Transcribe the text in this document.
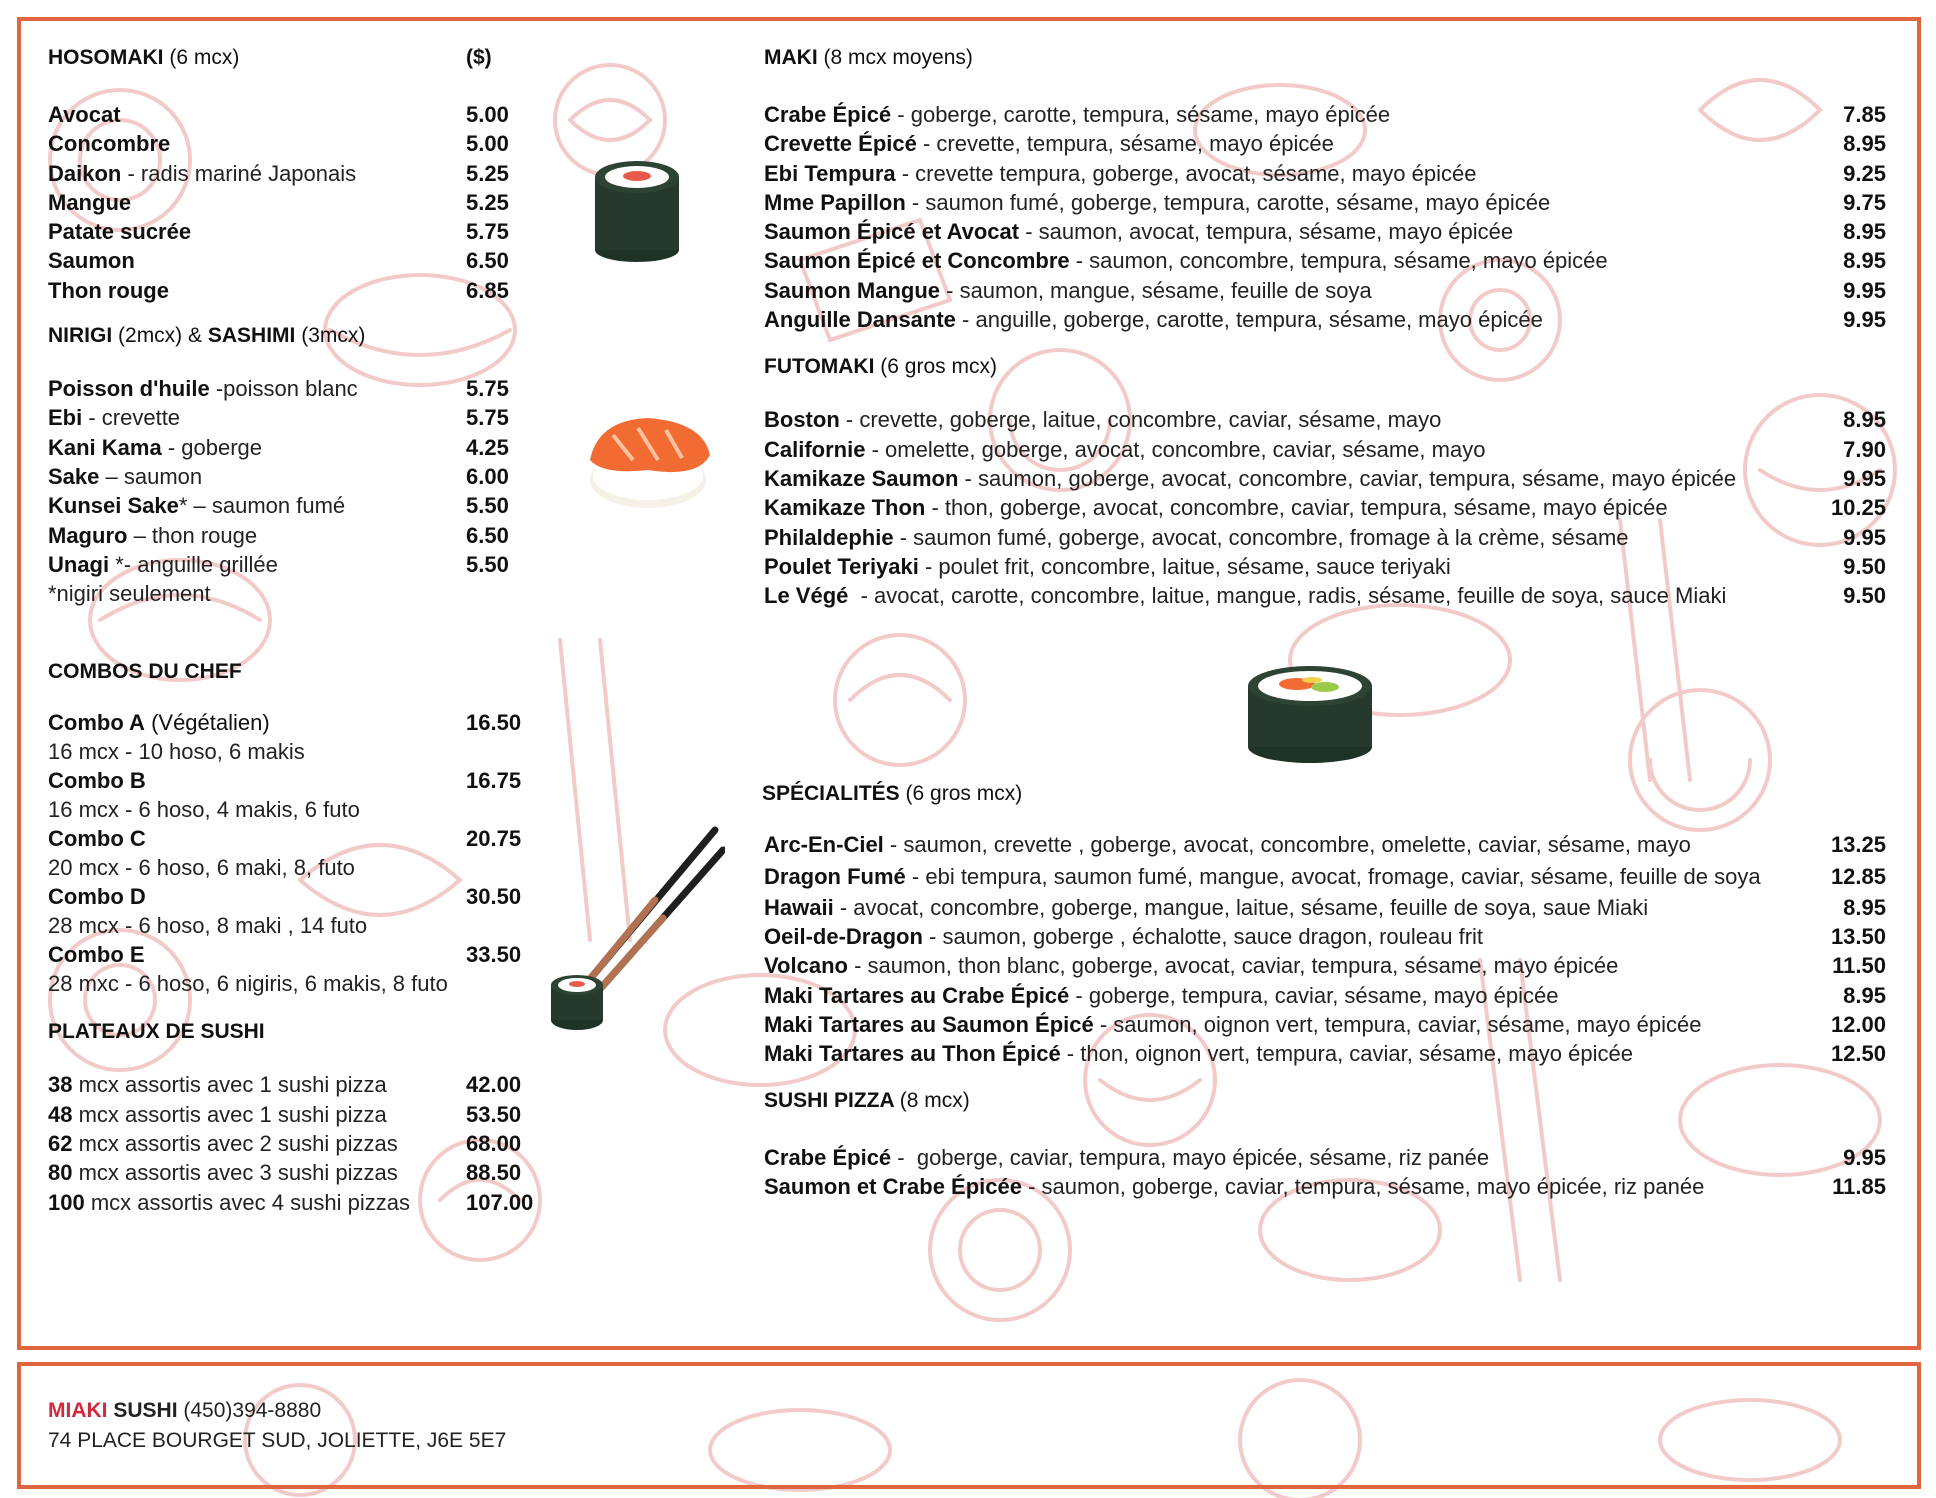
HOSOMAKI (6 mcx)	($)
Avocat	5.00
Concombre	5.00
Daikon - radis mariné Japonais	5.25
Mangue	5.25
Patate sucrée	5.75
Saumon	6.50
Thon rouge	6.85
NIRIGI (2mcx) & SASHIMI (3mcx)
Poisson d'huile -poisson blanc	5.75
Ebi - crevette	5.75
Kani Kama - goberge	4.25
Sake – saumon	6.00
Kunsei Sake* – saumon fumé	5.50
Maguro – thon rouge	6.50
Unagi *- anguille grillée	5.50
*nigiri seulement
COMBOS DU CHEF
Combo A (Végétalien)	16.50
16 mcx - 10 hoso, 6 makis
Combo B	16.75
16 mcx - 6 hoso, 4 makis, 6 futo
Combo C	20.75
20 mcx - 6 hoso, 6 maki, 8, futo
Combo D	30.50
28 mcx - 6 hoso, 8 maki , 14 futo
Combo E	33.50
28 mxc - 6 hoso, 6 nigiris, 6 makis, 8 futo
PLATEAUX DE SUSHI
38 mcx assortis avec 1 sushi pizza	42.00
48 mcx assortis avec 1 sushi pizza	53.50
62 mcx assortis avec 2 sushi pizzas	68.00
80 mcx assortis avec 3 sushi pizzas	88.50
100 mcx assortis avec 4 sushi pizzas	107.00
MAKI (8 mcx moyens)
Crabe Épicé - goberge, carotte, tempura, sésame, mayo épicée	7.85
Crevette Épicé - crevette, tempura, sésame, mayo épicée	8.95
Ebi Tempura - crevette tempura, goberge, avocat, sésame, mayo épicée	9.25
Mme Papillon - saumon fumé, goberge, tempura, carotte, sésame, mayo épicée	9.75
Saumon Épicé et Avocat - saumon, avocat, tempura, sésame, mayo épicée	8.95
Saumon Épicé et Concombre - saumon, concombre, tempura, sésame, mayo épicée	8.95
Saumon Mangue - saumon, mangue, sésame, feuille de soya	9.95
Anguille Dansante - anguille, goberge, carotte, tempura, sésame, mayo épicée	9.95
FUTOMAKI (6 gros mcx)
Boston - crevette, goberge, laitue, concombre, caviar, sésame, mayo	8.95
Californie - omelette, goberge, avocat, concombre, caviar, sésame, mayo	7.90
Kamikaze Saumon - saumon, goberge, avocat, concombre, caviar, tempura, sésame, mayo épicée	9.95
Kamikaze Thon - thon, goberge, avocat, concombre, caviar, tempura, sésame, mayo épicée	10.25
Philaldephie - saumon fumé, goberge, avocat, concombre, fromage à la crème, sésame	9.95
Poulet Teriyaki - poulet frit, concombre, laitue, sésame, sauce teriyaki	9.50
Le Végé  - avocat, carotte, concombre, laitue, mangue, radis, sésame, feuille de soya, sauce Miaki	9.50
SPÉCIALITÉS (6 gros mcx)
Arc-En-Ciel - saumon, crevette , goberge, avocat, concombre, omelette, caviar, sésame, mayo	13.25
Dragon Fumé - ebi tempura, saumon fumé, mangue, avocat, fromage, caviar, sésame, feuille de soya	12.85
Hawaii - avocat, concombre, goberge, mangue, laitue, sésame, feuille de soya, saue Miaki	8.95
Oeil-de-Dragon - saumon, goberge , échalotte, sauce dragon, rouleau frit	13.50
Volcano - saumon, thon blanc, goberge, avocat, caviar, tempura, sésame, mayo épicée	11.50
Maki Tartares au Crabe Épicé - goberge, tempura, caviar, sésame, mayo épicée	8.95
Maki Tartares au Saumon Épicé - saumon, oignon vert, tempura, caviar, sésame, mayo épicée	12.00
Maki Tartares au Thon Épicé - thon, oignon vert, tempura, caviar, sésame, mayo épicée	12.50
SUSHI PIZZA (8 mcx)
Crabe Épicé -  goberge, caviar, tempura, mayo épicée, sésame, riz panée	9.95
Saumon et Crabe Épicée - saumon, goberge, caviar, tempura, sésame, mayo épicée, riz panée	11.85
MIAKI SUSHI (450)394-8880
74 PLACE BOURGET SUD, JOLIETTE, J6E 5E7
